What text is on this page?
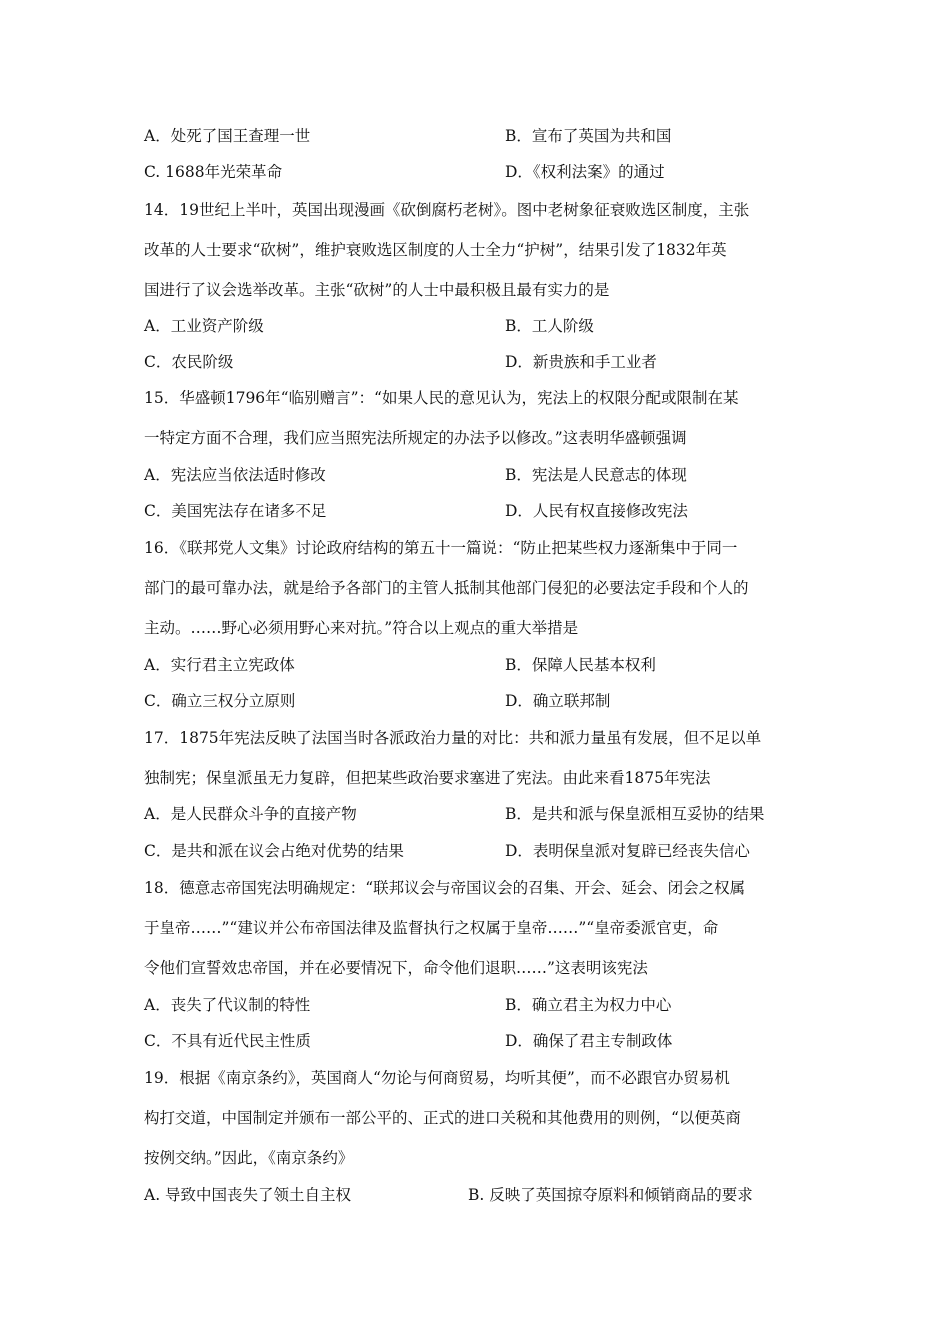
A．处死了国王查理一世	B．宣布了英国为共和国
C. 1688年光荣革命	D．《权利法案》的通过
14．19世纪上半叶，英国出现漫画《砍倒腐朽老树》。图中老树象征衰败选区制度，主张
改革的人士要求“砍树”，维护衰败选区制度的人士全力“护树”，结果引发了1832年英
国进行了议会选举改革。主张“砍树”的人士中最积极且最有实力的是
A．工业资产阶级	B．工人阶级
C．农民阶级	D．新贵族和手工业者
15．华盛顿1796年“临别赠言”：“如果人民的意见认为，宪法上的权限分配或限制在某
一特定方面不合理，我们应当照宪法所规定的办法予以修改。”这表明华盛顿强调
A．宪法应当依法适时修改	B．宪法是人民意志的体现
C．美国宪法存在诸多不足	D．人民有权直接修改宪法
16．《联邦党人文集》讨论政府结构的第五十一篇说：“防止把某些权力逐渐集中于同一
部门的最可靠办法，就是给予各部门的主管人抵制其他部门侵犯的必要法定手段和个人的
主动。……野心必须用野心来对抗。”符合以上观点的重大举措是
A．实行君主立宪政体	B．保障人民基本权利
C．确立三权分立原则	D．确立联邦制
17．1875年宪法反映了法国当时各派政治力量的对比：共和派力量虽有发展，但不足以单
独制宪；保皇派虽无力复辟，但把某些政治要求塞进了宪法。由此来看1875年宪法
A．是人民群众斗争的直接产物	B．是共和派与保皇派相互妥协的结果
C．是共和派在议会占绝对优势的结果	D．表明保皇派对复辟已经丧失信心
18．德意志帝国宪法明确规定：“联邦议会与帝国议会的召集、开会、延会、闭会之权属
于皇帝……”“建议并公布帝国法律及监督执行之权属于皇帝……”“皇帝委派官吏，命
令他们宣誓效忠帝国，并在必要情况下，命令他们退职……”这表明该宪法
A．丧失了代议制的特性	B．确立君主为权力中心
C．不具有近代民主性质	D．确保了君主专制政体
19．根据《南京条约》，英国商人“勿论与何商贸易，均听其便”，而不必跟官办贸易机
构打交道，中国制定并颁布一部公平的、正式的进口关税和其他费用的则例，“以便英商
按例交纳。”因此，《南京条约》
A. 导致中国丧失了领土自主权	B. 反映了英国掠夺原料和倾销商品的要求
